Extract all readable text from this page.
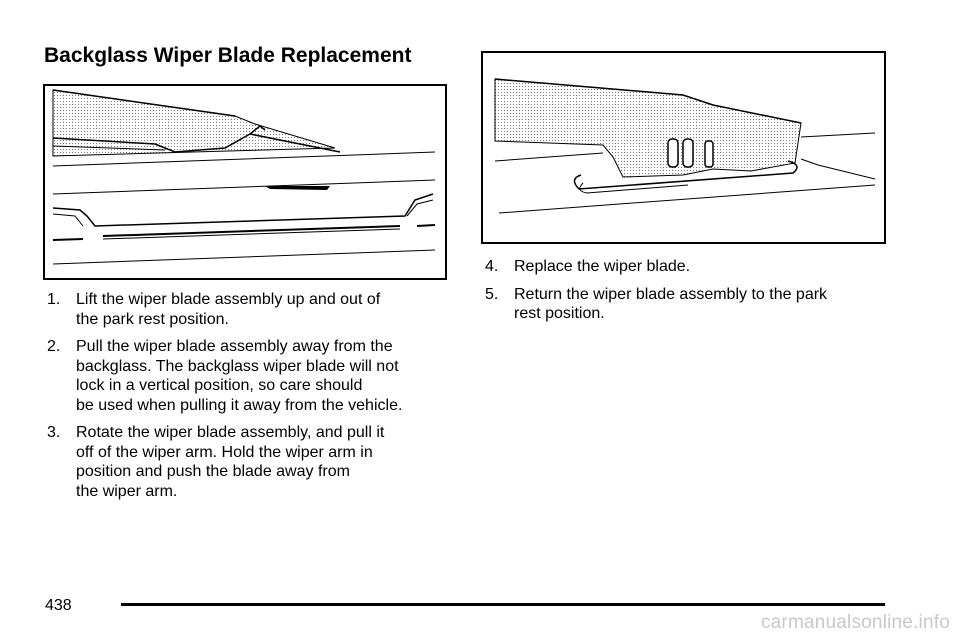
Backglass Wiper Blade Replacement
1. Lift the wiper blade assembly up and out of
the park rest position.
2. Pull the wiper blade assembly away from the
backglass. The backglass wiper blade will not
lock in a vertical position, so care should
be used when pulling it away from the vehicle.
3. Rotate the wiper blade assembly, and pull it
off of the wiper arm. Hold the wiper arm in
position and push the blade away from
the wiper arm.
4. Replace the wiper blade.
5. Return the wiper blade assembly to the park
rest position.
438
carmanualsonline.info
